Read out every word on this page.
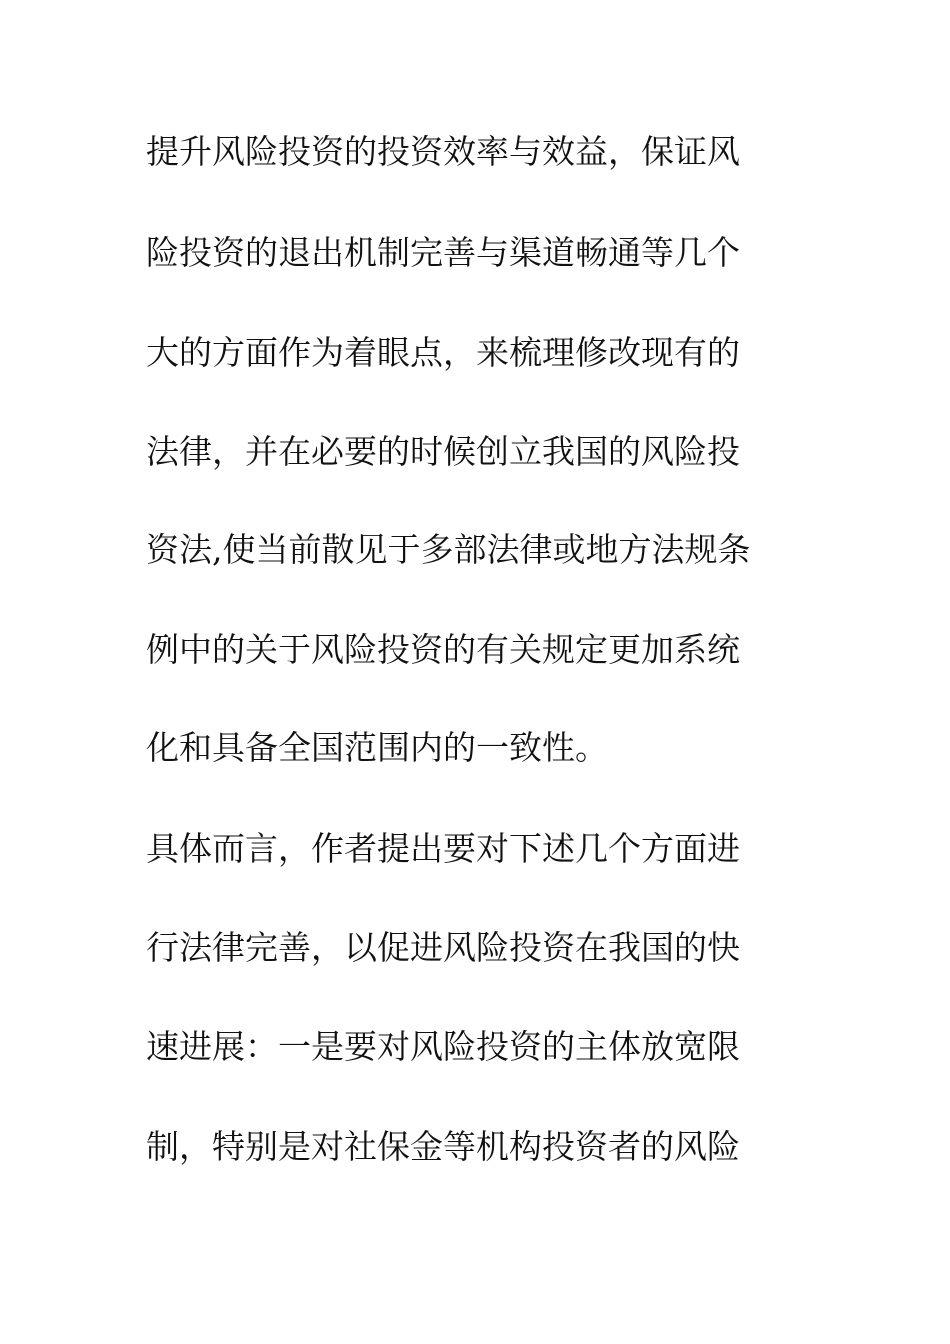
提升风险投资的投资效率与效益，保证风
险投资的退出机制完善与渠道畅通等几个
大的方面作为着眼点，来梳理修改现有的
法律，并在必要的时候创立我国的风险投
资法,使当前散见于多部法律或地方法规条
例中的关于风险投资的有关规定更加系统
化和具备全国范围内的一致性。
具体而言，作者提出要对下述几个方面进
行法律完善，以促进风险投资在我国的快
速进展：一是要对风险投资的主体放宽限
制，特别是对社保金等机构投资者的风险
